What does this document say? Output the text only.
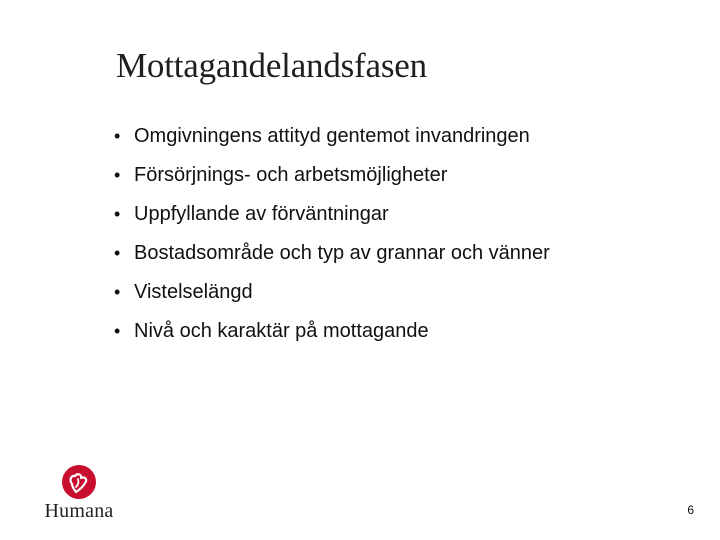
Mottagandelandsfasen
• Omgivningens attityd gentemot invandringen
• Försörjnings- och arbetsmöjligheter
• Uppfyllande av förväntningar
• Bostadsområde och typ av grannar och vänner
• Vistelselängd
• Nivå och karaktär på mottagande
Humana	6
